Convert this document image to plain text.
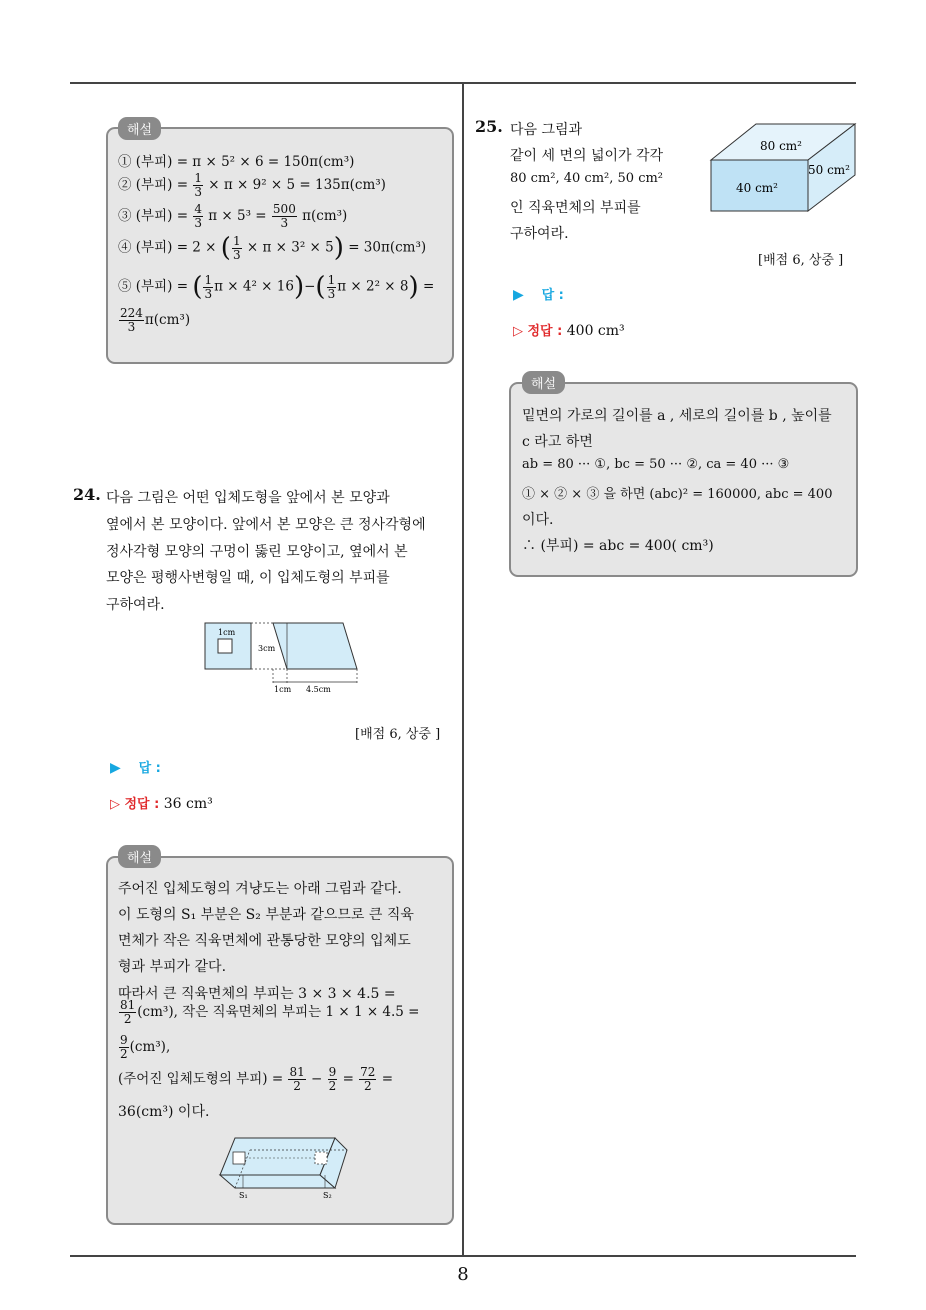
해설
① (부피) = π × 5² × 6 = 150π(cm³)
② (부피) = $\frac{1}{3} \times \pi \times 9^2 \times 5 = 135\pi(cm^3)$
③ (부피) = $\frac{4}{3}$ $\pi \times 5^3 = \frac{500}{3} \pi(cm^3)$
④ (부피) = 2 × ( $\frac{1}{3} \times \pi \times 3^2 \times 5) = 30\pi(cm^3)$
⑤ (부피) = ( $\frac{1}{3}$ $\pi \times 4^2 \times 16)-( \frac{1}{3}$ π × 2² × 8) =
$\frac{224}{3} \pi(cm^3)$
24. 다음 그림은 어떤 입체도형을 앞에서 본 모양과
옆에서 본 모양이다. 앞에서 본 모양은 큰 정사각형에
정사각형 모양의 구멍이 뚫린 모양이고, 옆에서 본
모양은 평행사변형일 때, 이 입체도형의 부피를
구하여라.
1cm
3cm
1cm 4.5cm
[배점 6, 상중 ]
▶ 답 :
▷ 정답 : 36 cm³
해설
주어진 입체도형의 겨냥도는 아래 그림과 같다.
이 도형의 S₁ 부분은 S₂ 부분과 같으므로 큰 직육
면체가 작은 직육면체에 관통당한 모양의 입체도
형과 부피가 같다.
따라서 큰 직육면체의 부피는 3 × 3 × 4.5 =
$\frac{81}{2} (cm^3)$, 작은 직육면체의 부피는 1 × 1 × 4.5 =
$\frac{9}{2} (cm^3)$,
(주어진 입체도형의 부피) = $\frac{81}{2} - \frac{9}{2} = \frac{72}{2}$ =
36(cm³) 이다.
S₁	S₂
25. 다음 그림과
같이 세 면의 넓이가 각각
80 cm², 40 cm², 50 cm²
인 직육면체의 부피를
구하여라.
80 cm²
50 cm²
40 cm²
[배점 6, 상중 ]
▶ 답 :
▷ 정답 : 400 cm³
해설
밑면의 가로의 길이를 a , 세로의 길이를 b , 높이를
c 라고 하면
ab = 80 ··· ①, bc = 50 ··· ②, ca = 40 ··· ③
① × ② × ③ 을 하면 (abc)² = 160000, abc = 400
이다.
∴ (부피) = abc = 400( cm³)
8
